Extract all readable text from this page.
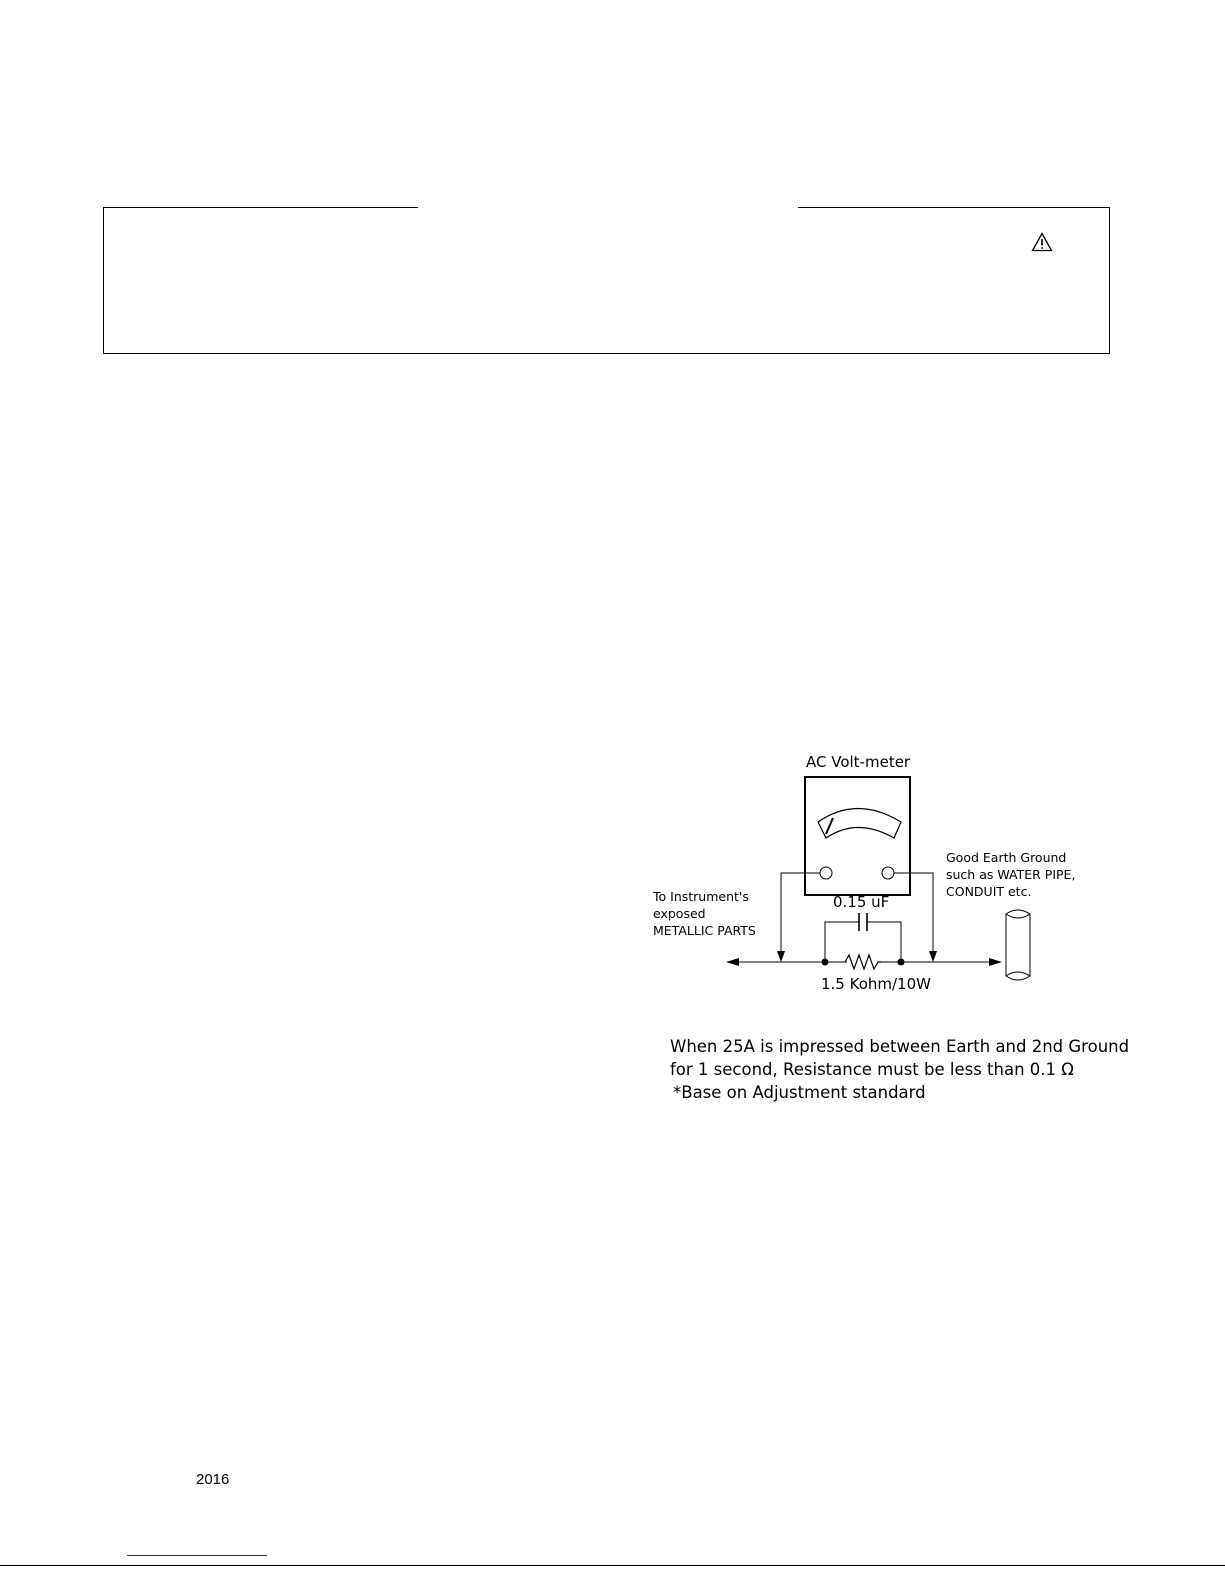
AC Volt-meter
0.15 uF
1.5 Kohm/10W
To Instrument's
exposed
METALLIC PARTS
Good Earth Ground
such as WATER PIPE,
CONDUIT etc.
When 25A is impressed between Earth and 2nd Ground
for 1 second, Resistance must be less than 0.1 Ω
*Base on Adjustment standard
2016
